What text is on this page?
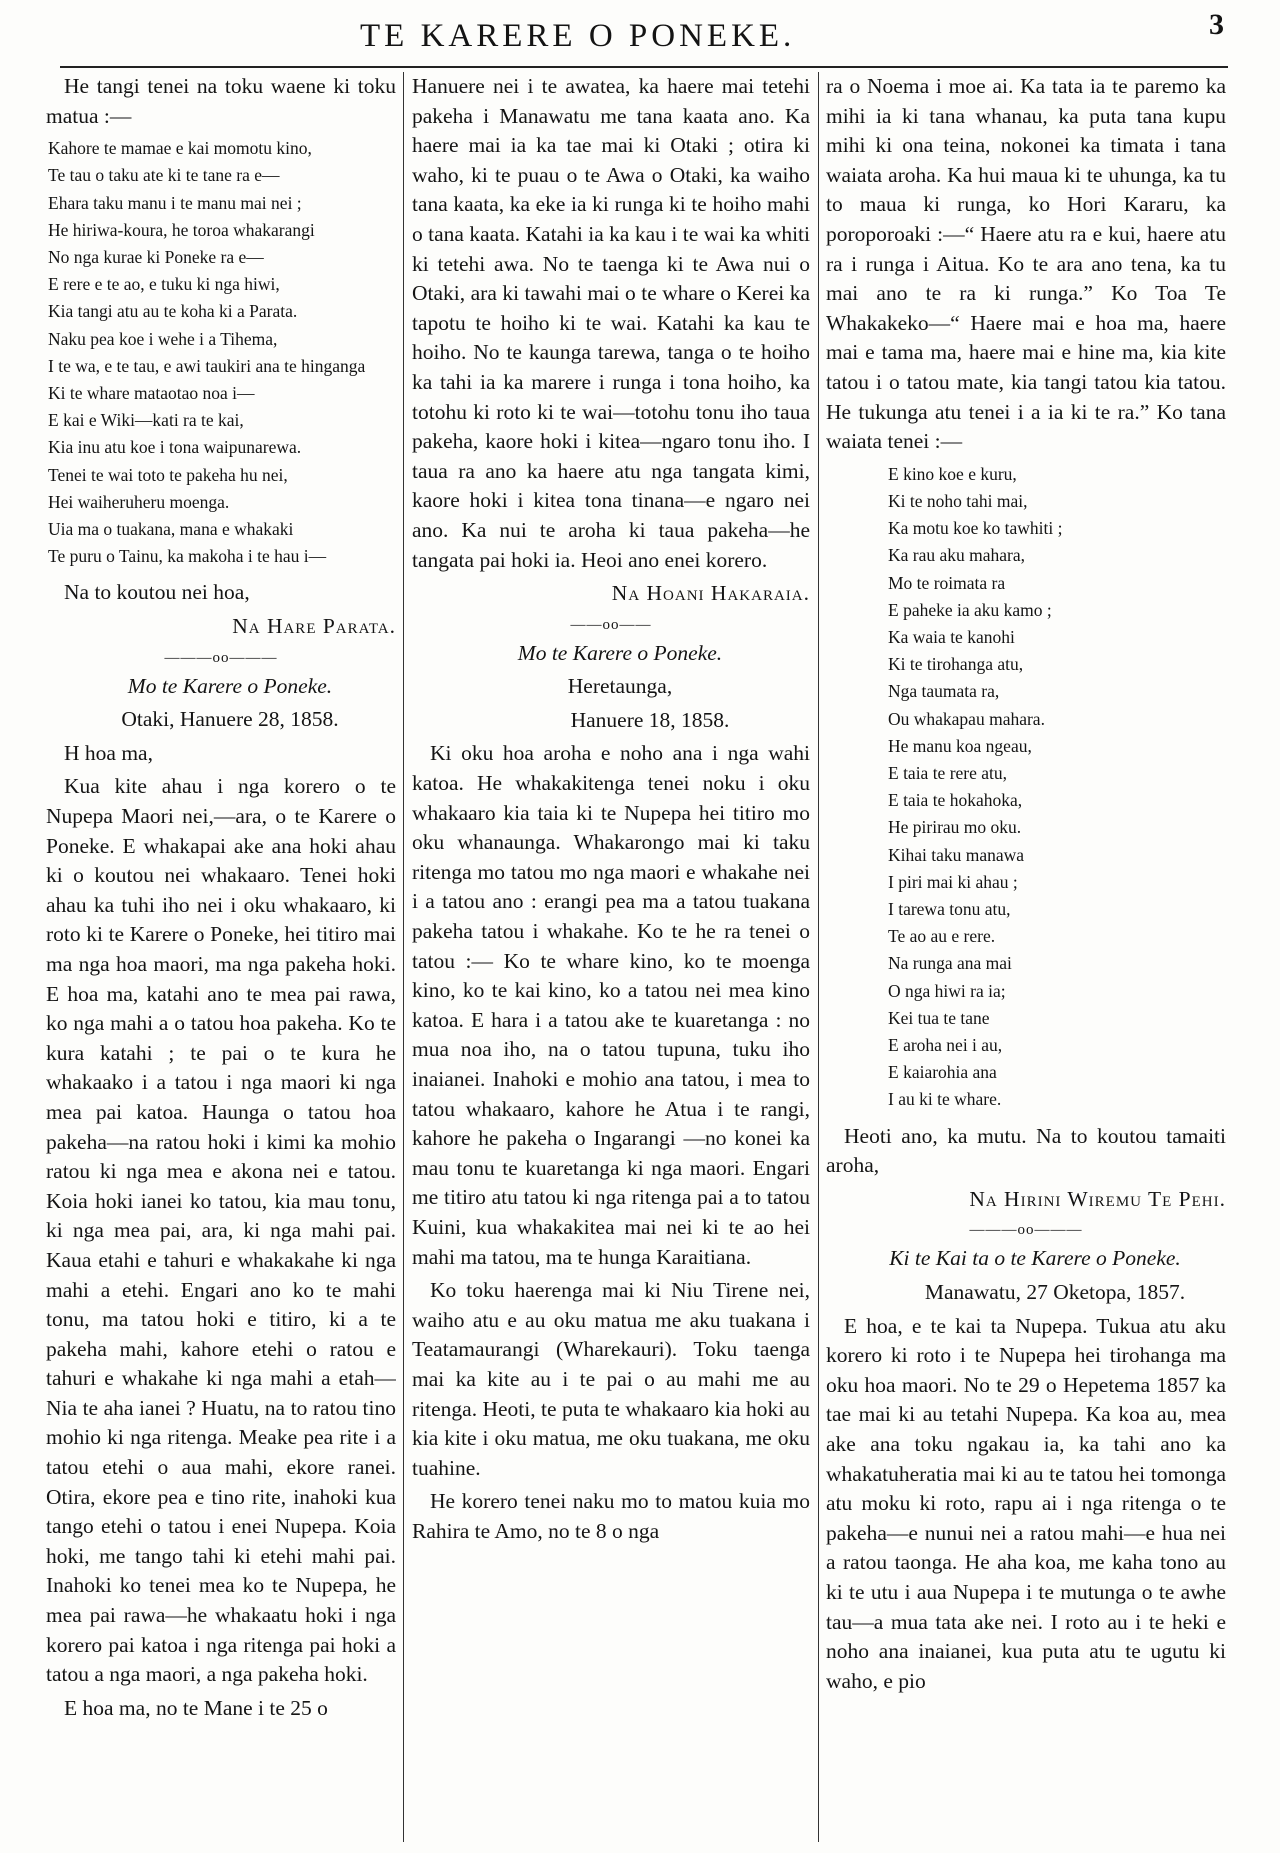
TE KARERE O PONEKE.	3

He tangi tenei na toku waene ki toku matua :—

Kahore te mamae e kai momotu kino,
Te tau o taku ate ki te tane ra e—
Ehara taku manu i te manu mai nei ;
He hiriwa-koura, he toroa whakarangi
No nga kurae ki Poneke ra e—
E rere e te ao, e tuku ki nga hiwi,
Kia tangi atu au te koha ki a Parata.
Naku pea koe i wehe i a Tihema,
I te wa, e te tau, e awi taukiri ana te hinganga
Ki te whare mataotao noa i—
E kai e Wiki—kati ra te kai,
Kia inu atu koe i tona waipunarewa.
Tenei te wai toto te pakeha hu nei,
Hei waiheruheru moenga.
Uia ma o tuakana, mana e whakaki
Te puru o Tainu, ka makoha i te hau i—

Na to koutou nei hoa,

Na Hare Parata.

———oo———

Mo te Karere o Poneke.

Otaki, Hanuere 28, 1858.

H hoa ma,

Kua kite ahau i nga korero o te Nupepa Maori nei,—ara, o te Karere o Poneke. E whakapai ake ana hoki ahau ki o koutou nei whakaaro. Tenei hoki ahau ka tuhi iho nei i oku whakaaro, ki roto ki te Karere o Poneke, hei titiro mai ma nga hoa maori, ma nga pakeha hoki. E hoa ma, katahi ano te mea pai rawa, ko nga mahi a o tatou hoa pakeha. Ko te kura katahi ; te pai o te kura he whakaako i a tatou i nga maori ki nga mea pai katoa. Haunga o tatou hoa pakeha—na ratou hoki i kimi ka mohio ratou ki nga mea e akona nei e tatou. Koia hoki ianei ko tatou, kia mau tonu, ki nga mea pai, ara, ki nga mahi pai. Kaua etahi e tahuri e whakakahe ki nga mahi a etehi. Engari ano ko te mahi tonu, ma tatou hoki e titiro, ki a te pakeha mahi, kahore etehi o ratou e tahuri e whakahe ki nga mahi a etah—Nia te aha ianei ? Huatu, na to ratou tino mohio ki nga ritenga. Meake pea rite i a tatou etehi o aua mahi, ekore ranei. Otira, ekore pea e tino rite, inahoki kua tango etehi o tatou i enei Nupepa. Koia hoki, me tango tahi ki etehi mahi pai. Inahoki ko tenei mea ko te Nupepa, he mea pai rawa—he whakaatu hoki i nga korero pai katoa i nga ritenga pai hoki a tatou a nga maori, a nga pakeha hoki.

E hoa ma, no te Mane i te 25 o

Hanuere nei i te awatea, ka haere mai tetehi pakeha i Manawatu me tana kaata ano. Ka haere mai ia ka tae mai ki Otaki ; otira ki waho, ki te puau o te Awa o Otaki, ka waiho tana kaata, ka eke ia ki runga ki te hoiho mahi o tana kaata. Katahi ia ka kau i te wai ka whiti ki tetehi awa. No te taenga ki te Awa nui o Otaki, ara ki tawahi mai o te whare o Kerei ka tapotu te hoiho ki te wai. Katahi ka kau te hoiho. No te kaunga tarewa, tanga o te hoiho ka tahi ia ka marere i runga i tona hoiho, ka totohu ki roto ki te wai—totohu tonu iho taua pakeha, kaore hoki i kitea—ngaro tonu iho. I taua ra ano ka haere atu nga tangata kimi, kaore hoki i kitea tona tinana—e ngaro nei ano. Ka nui te aroha ki taua pakeha—he tangata pai hoki ia. Heoi ano enei korero.

Na Hoani Hakaraia.

——oo——

Mo te Karere o Poneke.

Heretaunga,

Hanuere 18, 1858.

Ki oku hoa aroha e noho ana i nga wahi katoa. He whakakitenga tenei noku i oku whakaaro kia taia ki te Nupepa hei titiro mo oku whanaunga. Whakarongo mai ki taku ritenga mo tatou mo nga maori e whakahe nei i a tatou ano : erangi pea ma a tatou tuakana pakeha tatou i whakahe. Ko te he ra tenei o tatou :— Ko te whare kino, ko te moenga kino, ko te kai kino, ko a tatou nei mea kino katoa. E hara i a tatou ake te kuaretanga : no mua noa iho, na o tatou tupuna, tuku iho inaianei. Inahoki e mohio ana tatou, i mea to tatou whakaaro, kahore he Atua i te rangi, kahore he pakeha o Ingarangi —no konei ka mau tonu te kuaretanga ki nga maori. Engari me titiro atu tatou ki nga ritenga pai a to tatou Kuini, kua whakakitea mai nei ki te ao hei mahi ma tatou, ma te hunga Karaitiana.

Ko toku haerenga mai ki Niu Tirene nei, waiho atu e au oku matua me aku tuakana i Teatamaurangi (Wharekauri). Toku taenga mai ka kite au i te pai o au mahi me au ritenga. Heoti, te puta te whakaaro kia hoki au kia kite i oku matua, me oku tuakana, me oku tuahine.

He korero tenei naku mo to matou kuia mo Rahira te Amo, no te 8 o nga

ra o Noema i moe ai. Ka tata ia te paremo ka mihi ia ki tana whanau, ka puta tana kupu mihi ki ona teina, nokonei ka timata i tana waiata aroha. Ka hui maua ki te uhunga, ka tu to maua ki runga, ko Hori Kararu, ka poroporoaki :—“ Haere atu ra e kui, haere atu ra i runga i Aitua. Ko te ara ano tena, ka tu mai ano te ra ki runga.” Ko Toa Te Whakakeko—“ Haere mai e hoa ma, haere mai e tama ma, haere mai e hine ma, kia kite tatou i o tatou mate, kia tangi tatou kia tatou. He tukunga atu tenei i a ia ki te ra.” Ko tana waiata tenei :—

E kino koe e kuru,
Ki te noho tahi mai,
Ka motu koe ko tawhiti ;
Ka rau aku mahara,
Mo te roimata ra
E paheke ia aku kamo ;
Ka waia te kanohi
Ki te tirohanga atu,
Nga taumata ra,
Ou whakapau mahara.
He manu koa ngeau,
E taia te rere atu,
E taia te hokahoka,
He pirirau mo oku.
Kihai taku manawa
I piri mai ki ahau ;
I tarewa tonu atu,
Te ao au e rere.
Na runga ana mai
O nga hiwi ra ia;
Kei tua te tane
E aroha nei i au,
E kaiarohia ana
I au ki te whare.

Heoti ano, ka mutu. Na to koutou tamaiti aroha,

Na Hirini Wiremu Te Pehi.

———oo———

Ki te Kai ta o te Karere o Poneke.

Manawatu, 27 Oketopa, 1857.

E hoa, e te kai ta Nupepa. Tukua atu aku korero ki roto i te Nupepa hei tirohanga ma oku hoa maori. No te 29 o Hepetema 1857 ka tae mai ki au tetahi Nupepa. Ka koa au, mea ake ana toku ngakau ia, ka tahi ano ka whakatuheratia mai ki au te tatou hei tomonga atu moku ki roto, rapu ai i nga ritenga o te pakeha—e nunui nei a ratou mahi—e hua nei a ratou taonga. He aha koa, me kaha tono au ki te utu i aua Nupepa i te mutunga o te awhe tau—a mua tata ake nei. I roto au i te heki e noho ana inaianei, kua puta atu te ugutu ki waho, e pio
